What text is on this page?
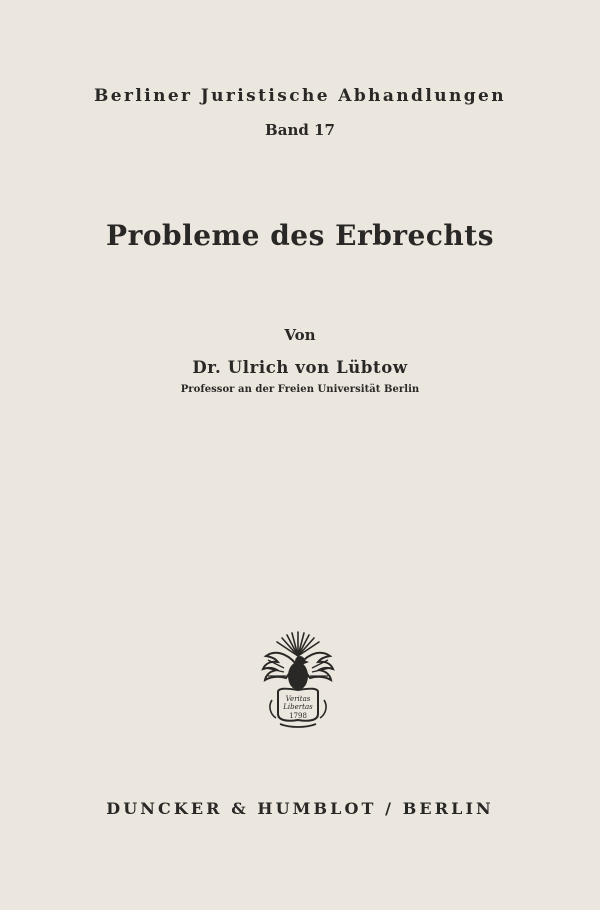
Berliner Juristische Abhandlungen
Band 17
Probleme des Erbrechts
Von
Dr. Ulrich von Lübtow
Professor an der Freien Universität Berlin
Veritas
Libertas
1798
DUNCKER & HUMBLOT / BERLIN
